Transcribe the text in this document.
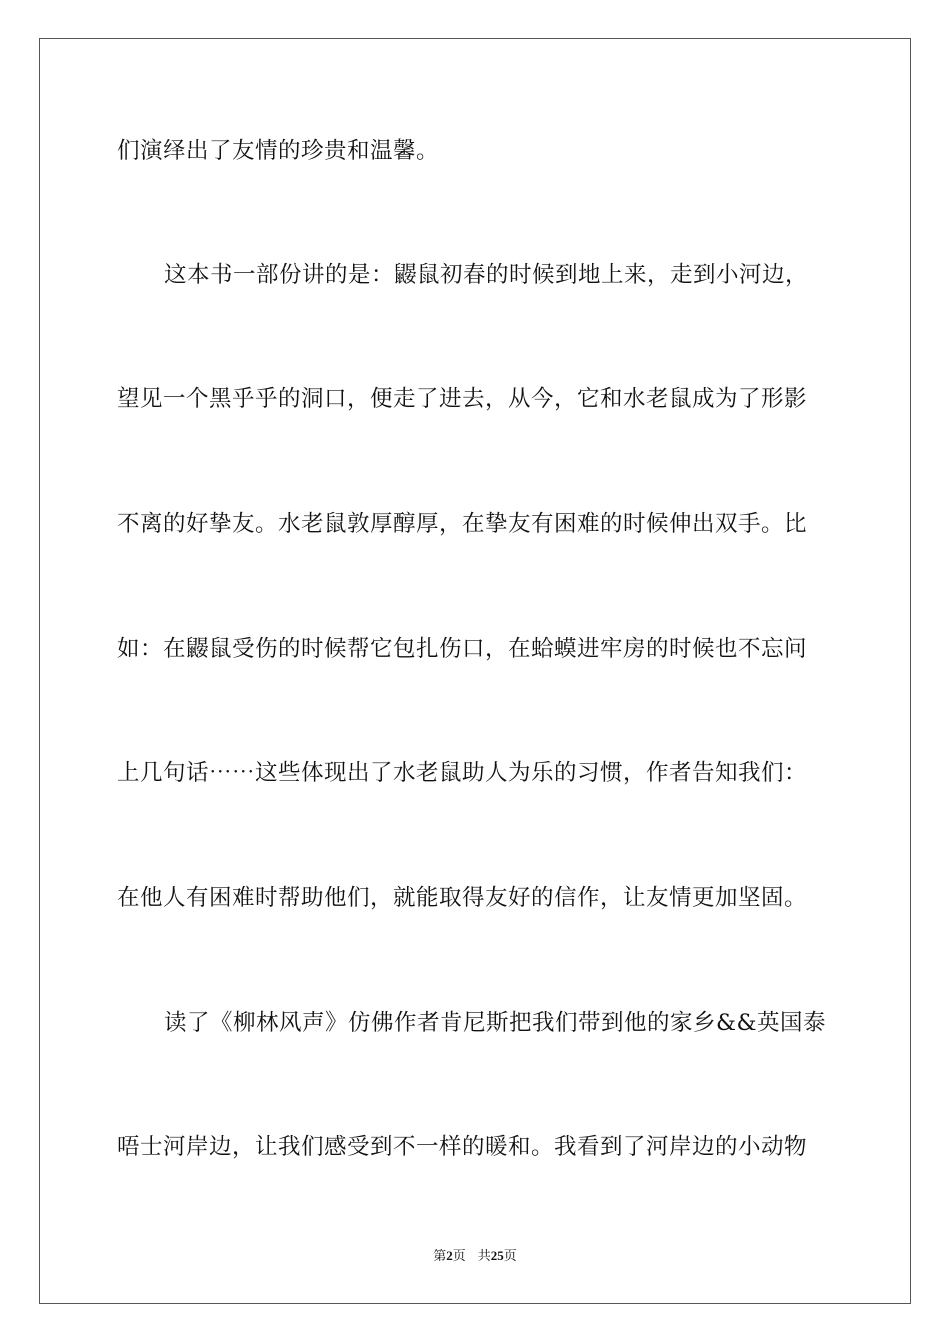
们演绎出了友情的珍贵和温馨。
这本书一部份讲的是：鼹鼠初春的时候到地上来，走到小河边，
望见一个黑乎乎的洞口，便走了进去，从今，它和水老鼠成为了形影
不离的好挚友。水老鼠敦厚醇厚，在挚友有困难的时候伸出双手。比
如：在鼹鼠受伤的时候帮它包扎伤口，在蛤蟆进牢房的时候也不忘问
上几句话⋯⋯这些体现出了水老鼠助人为乐的习惯，作者告知我们：
在他人有困难时帮助他们，就能取得友好的信作，让友情更加坚固。
读了《柳林风声》仿佛作者肯尼斯把我们带到他的家乡&&英国泰
唔士河岸边，让我们感受到不一样的暖和。我看到了河岸边的小动物
第2页 共25页
